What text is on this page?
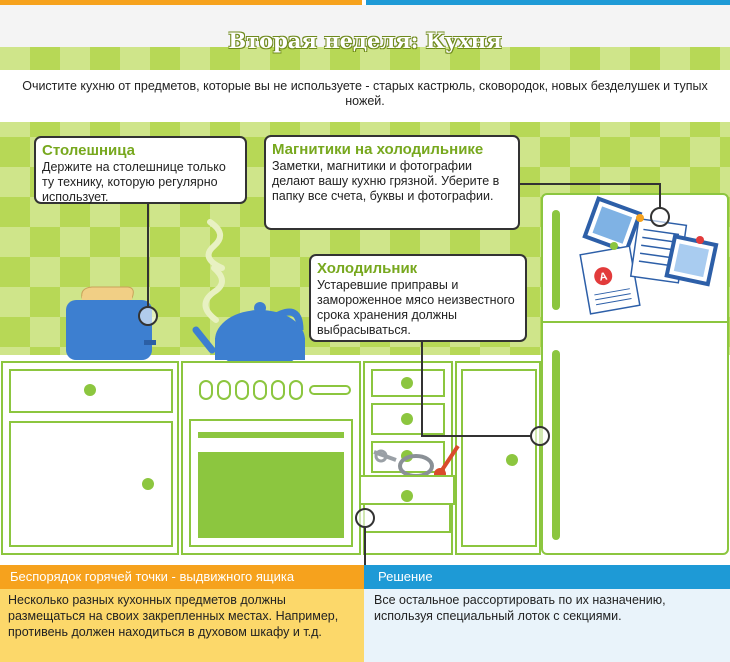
Вторая неделя: Кухня
Очистите кухню от предметов, которые вы не используете - старых кастрюль, сковородок, новых безделушек и тупых ножей.
A
Столешница
Держите на столешнице только ту технику, которую регулярно использует.
Магнитики на холодильнике
Заметки, магнитики и фотографии делают вашу кухню грязной. Уберите в папку все счета, буквы и фотографии.
Холодильник
Устаревшие приправы и замороженное мясо неизвестного срока хранения должны выбрасываться.
Беспорядок горячей точки - выдвижного ящика
Несколько разных кухонных предметов должны размещаться на своих закрепленных местах. Например, противень должен находиться в духовом шкафу и т.д.
Решение
Все остальное рассортировать по их назначению, используя специальный лоток с секциями.
